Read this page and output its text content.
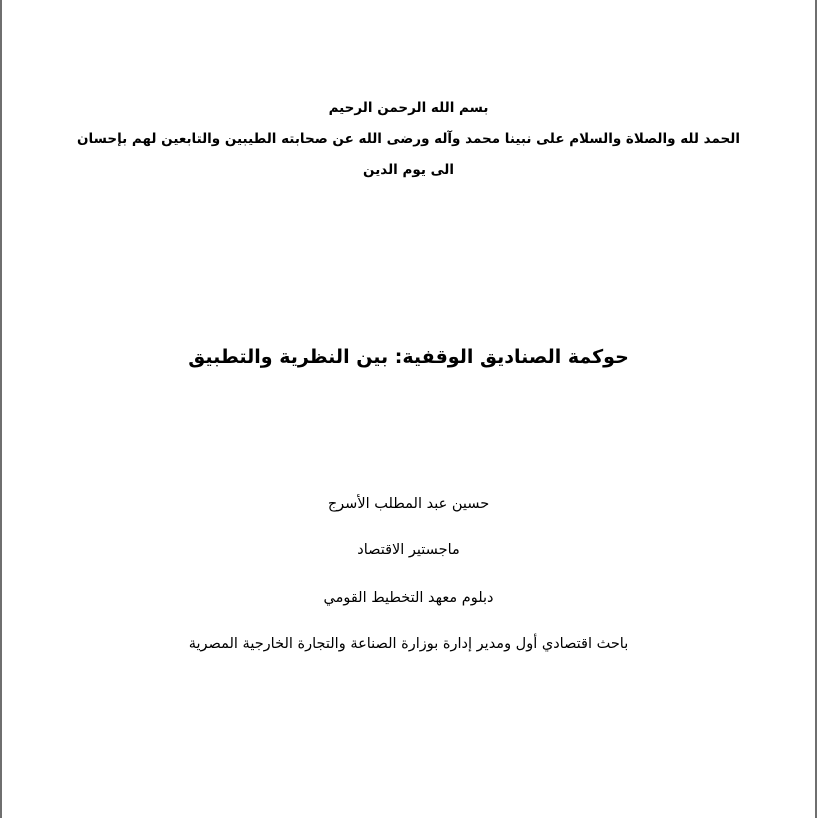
بسم الله الرحمن الرحيم

الحمد لله والصلاة والسلام على نبينا محمد وآله ورضى الله عن صحابته الطيبين والتابعين لهم بإحسان

الى يوم الدين

حوكمة الصناديق الوقفية: بين النظرية والتطبيق

حسين عبد المطلب الأسرج

ماجستير الاقتصاد

دبلوم معهد التخطيط القومي

باحث اقتصادي أول ومدير إدارة بوزارة الصناعة والتجارة الخارجية المصرية
